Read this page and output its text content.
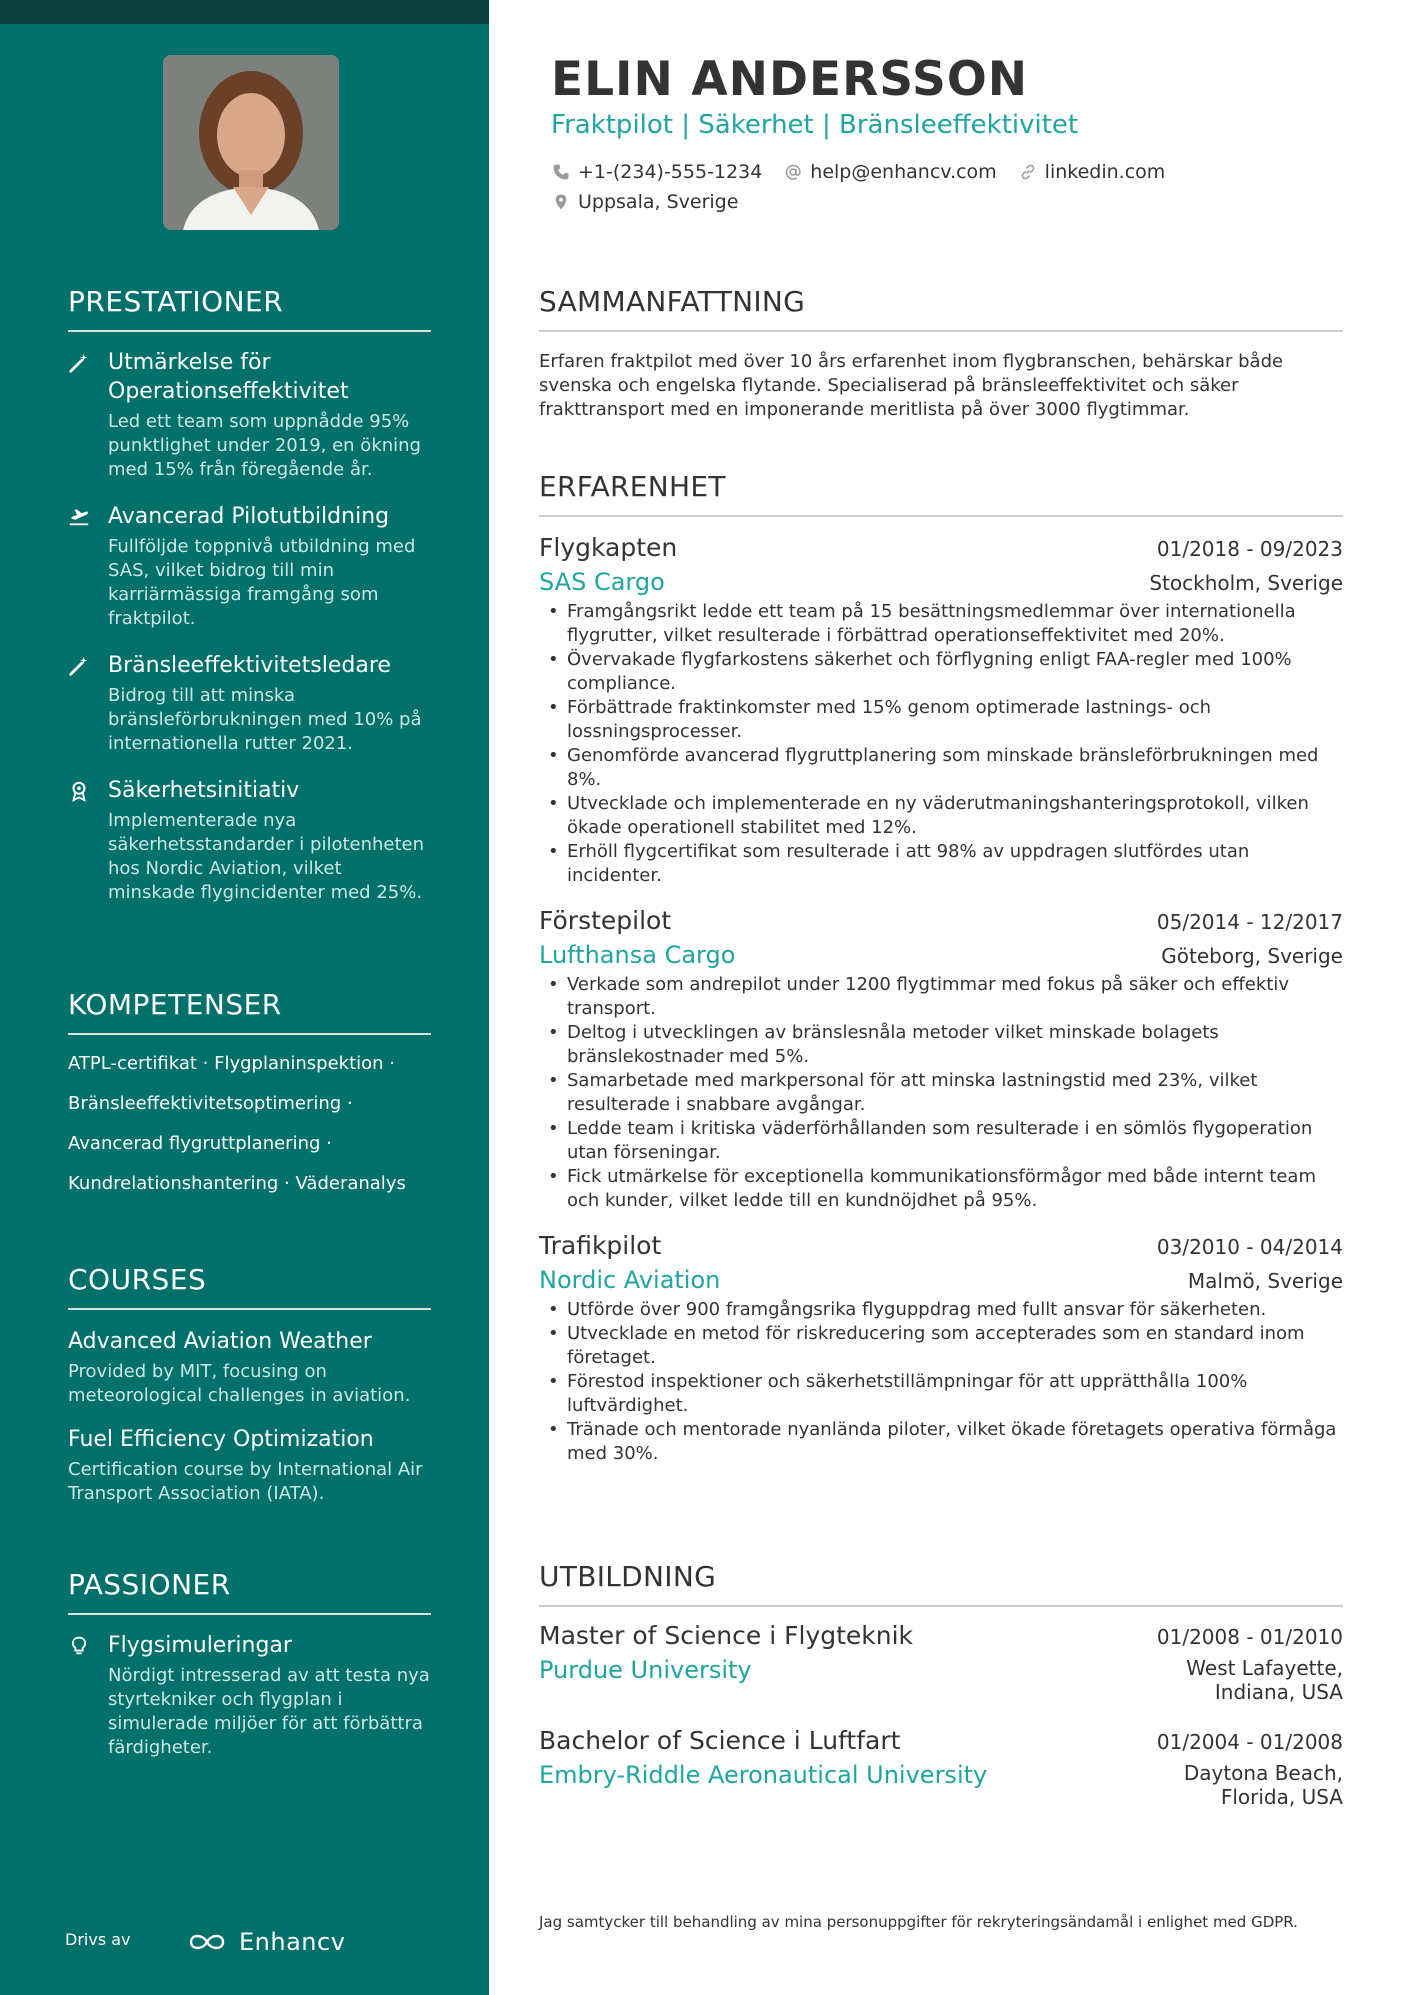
PRESTATIONER
Utmärkelse för Operationseffektivitet
Led ett team som uppnådde 95% punktlighet under 2019, en ökning med 15% från föregående år.
Avancerad Pilotutbildning
Fullföljde toppnivå utbildning med SAS, vilket bidrog till min karriärmässiga framgång som fraktpilot.
Bränsleeffektivitetsledare
Bidrog till att minska bränsleförbrukningen med 10% på internationella rutter 2021.
Säkerhetsinitiativ
Implementerade nya säkerhetsstandarder i pilotenheten hos Nordic Aviation, vilket minskade flygincidenter med 25%.
KOMPETENSER
ATPL-certifikat · Flygplaninspektion ·
Bränsleeffektivitetsoptimering ·
Avancerad flygruttplanering ·
Kundrelationshantering · Väderanalys
COURSES
Advanced Aviation Weather
Provided by MIT, focusing on meteorological challenges in aviation.
Fuel Efficiency Optimization
Certification course by International Air Transport Association (IATA).
PASSIONER
Flygsimuleringar
Nördigt intresserad av att testa nya styrtekniker och flygplan i simulerade miljöer för att förbättra färdigheter.
Drivs av	Enhancv
ELIN ANDERSSON
Fraktpilot | Säkerhet | Bränsleeffektivitet
+1-(234)-555-1234	help@enhancv.com	linkedin.com
Uppsala, Sverige
SAMMANFATTNING
Erfaren fraktpilot med över 10 års erfarenhet inom flygbranschen, behärskar både svenska och engelska flytande. Specialiserad på bränsleeffektivitet och säker frakttransport med en imponerande meritlista på över 3000 flygtimmar.
ERFARENHET
Flygkapten	01/2018 - 09/2023
SAS Cargo	Stockholm, Sverige
• Framgångsrikt ledde ett team på 15 besättningsmedlemmar över internationella flygrutter, vilket resulterade i förbättrad operationseffektivitet med 20%.
• Övervakade flygfarkostens säkerhet och förflygning enligt FAA-regler med 100% compliance.
• Förbättrade fraktinkomster med 15% genom optimerade lastnings- och lossningsprocesser.
• Genomförde avancerad flygruttplanering som minskade bränsleförbrukningen med 8%.
• Utvecklade och implementerade en ny väderutmaningshanteringsprotokoll, vilken ökade operationell stabilitet med 12%.
• Erhöll flygcertifikat som resulterade i att 98% av uppdragen slutfördes utan incidenter.
Förstepilot	05/2014 - 12/2017
Lufthansa Cargo	Göteborg, Sverige
• Verkade som andrepilot under 1200 flygtimmar med fokus på säker och effektiv transport.
• Deltog i utvecklingen av bränslesnåla metoder vilket minskade bolagets bränslekostnader med 5%.
• Samarbetade med markpersonal för att minska lastningstid med 23%, vilket resulterade i snabbare avgångar.
• Ledde team i kritiska väderförhållanden som resulterade i en sömlös flygoperation utan förseningar.
• Fick utmärkelse för exceptionella kommunikationsförmågor med både internt team och kunder, vilket ledde till en kundnöjdhet på 95%.
Trafikpilot	03/2010 - 04/2014
Nordic Aviation	Malmö, Sverige
• Utförde över 900 framgångsrika flyguppdrag med fullt ansvar för säkerheten.
• Utvecklade en metod för riskreducering som accepterades som en standard inom företaget.
• Förestod inspektioner och säkerhetstillämpningar för att upprätthålla 100% luftvärdighet.
• Tränade och mentorade nyanlända piloter, vilket ökade företagets operativa förmåga med 30%.
UTBILDNING
Master of Science i Flygteknik	01/2008 - 01/2010
Purdue University	West Lafayette, Indiana, USA
Bachelor of Science i Luftfart	01/2004 - 01/2008
Embry-Riddle Aeronautical University	Daytona Beach, Florida, USA
Jag samtycker till behandling av mina personuppgifter för rekryteringsändamål i enlighet med GDPR.
